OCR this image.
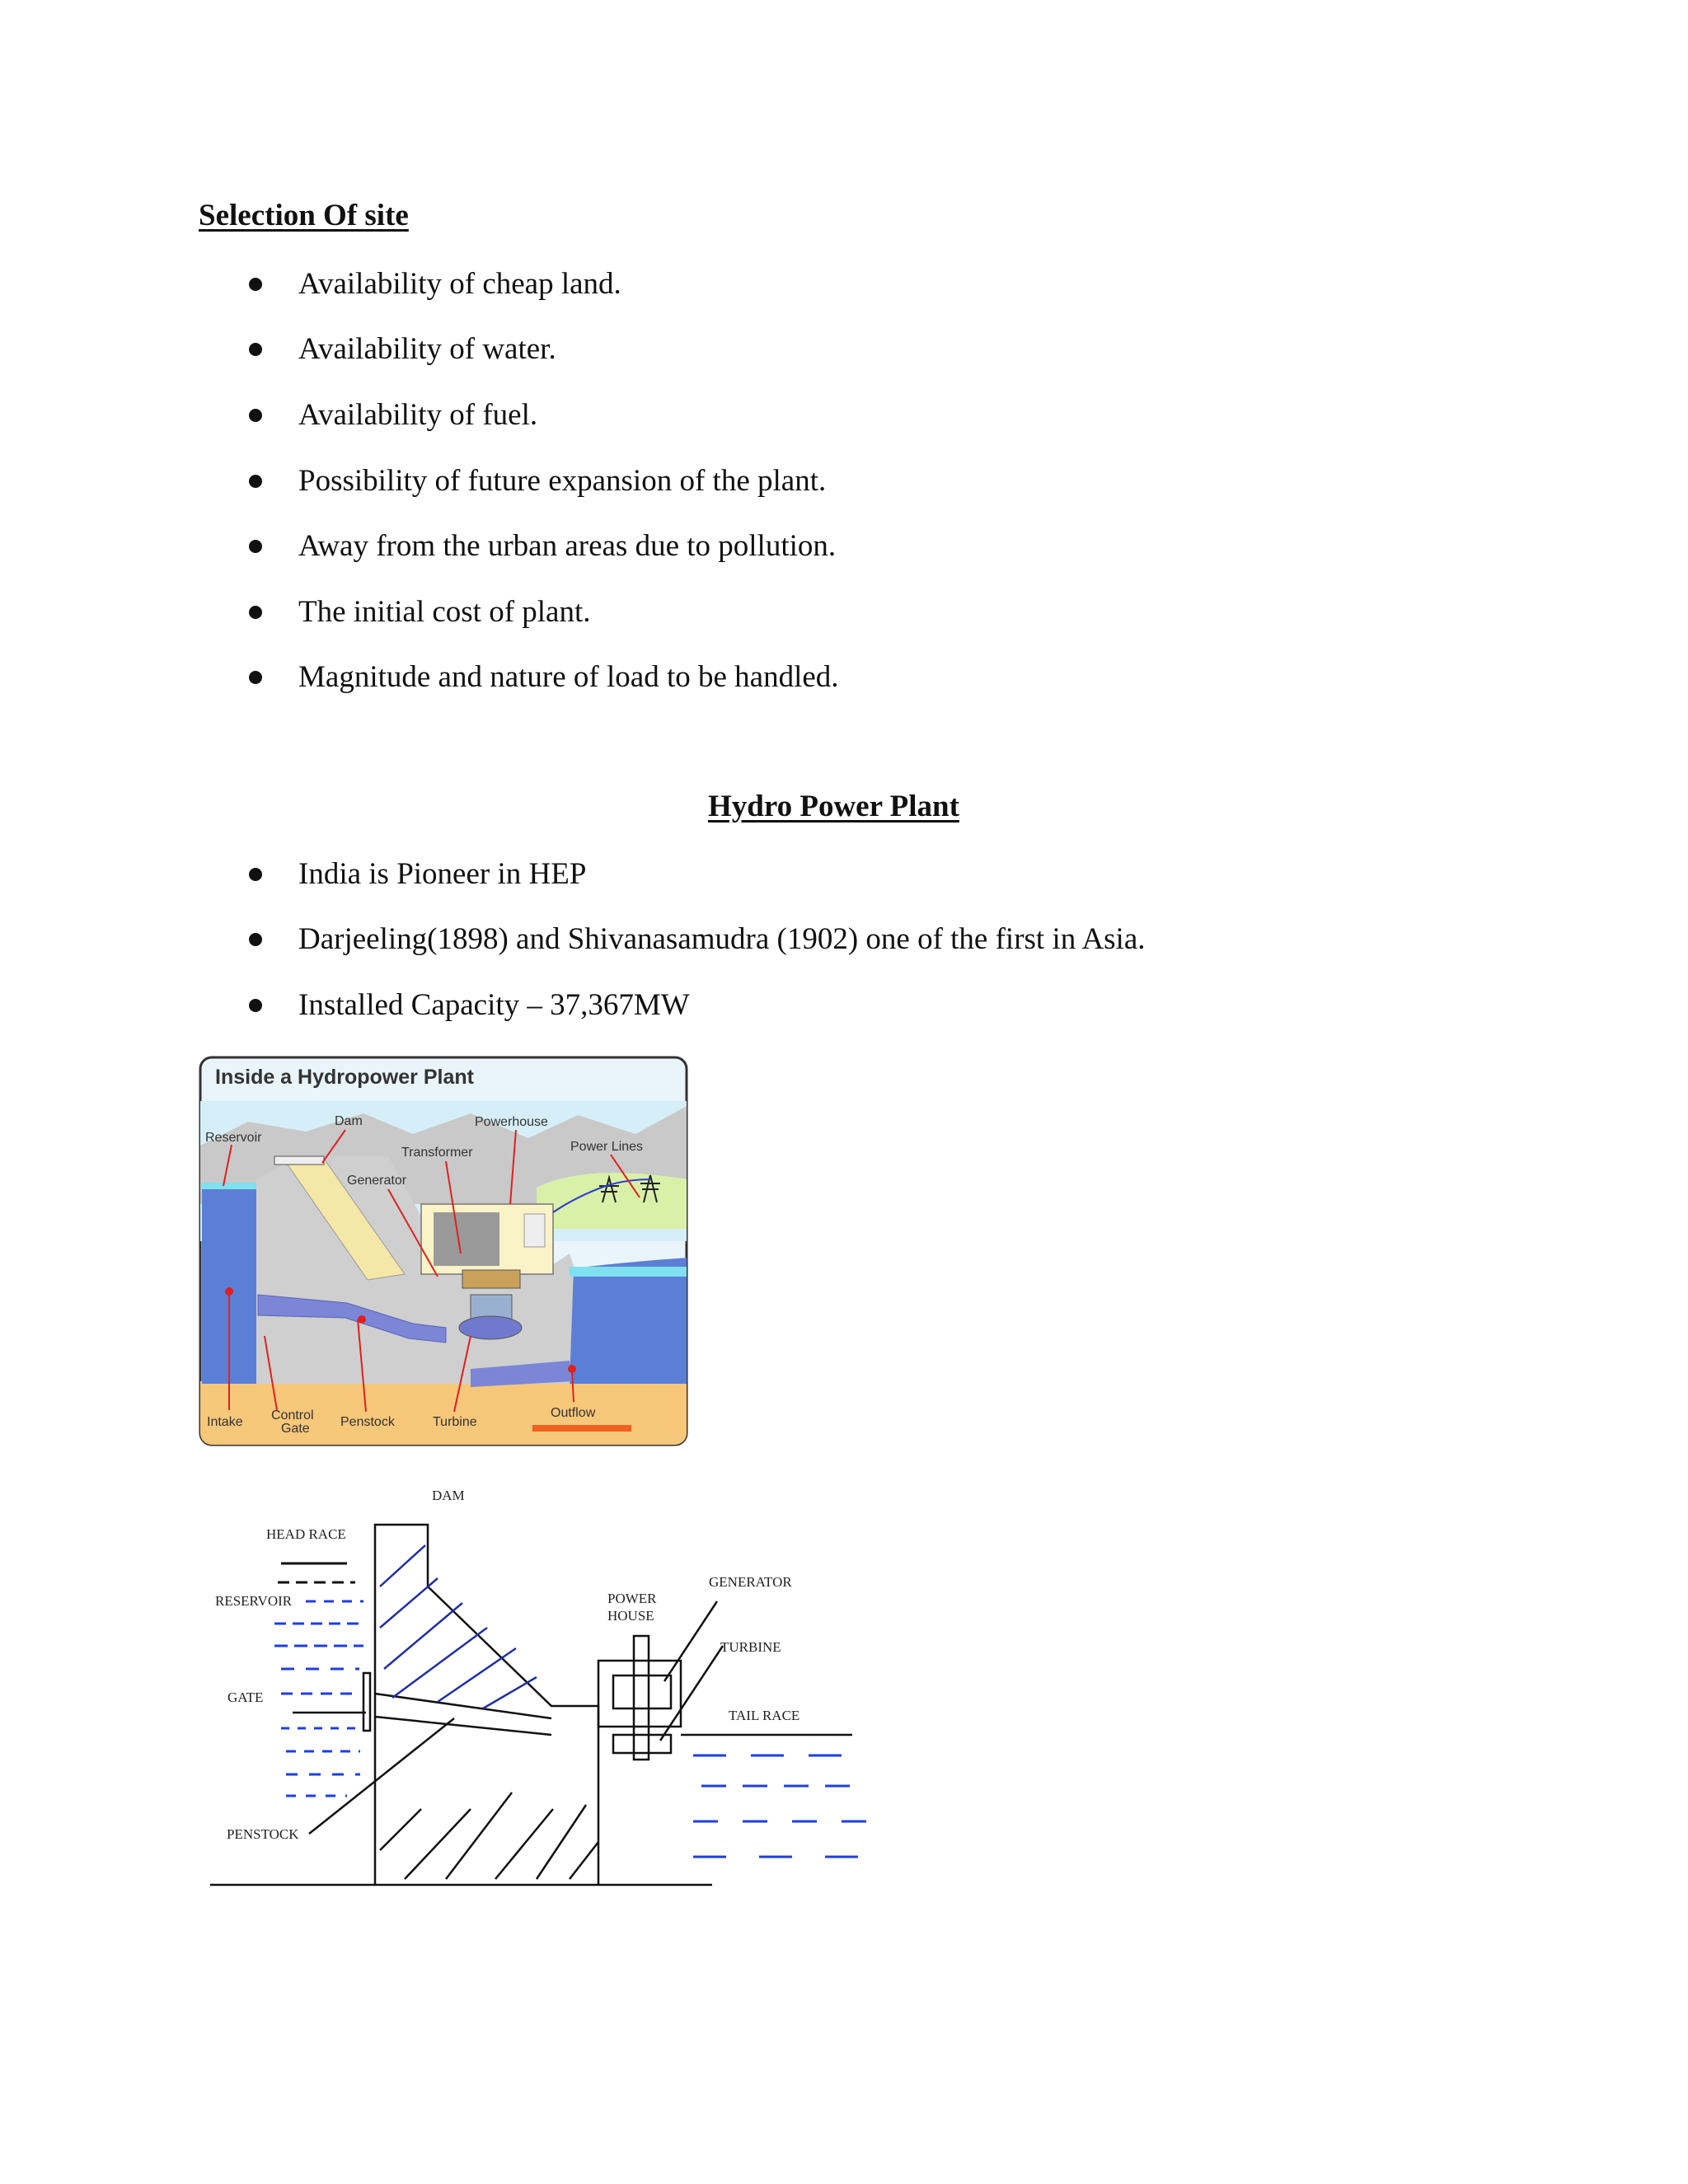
Selection Of site
Availability of cheap land.
Availability of water.
Availability of fuel.
Possibility of future expansion of the plant.
Away from the urban areas due to pollution.
The initial cost of plant.
Magnitude and nature of load to be handled.
Hydro Power Plant
India is Pioneer in HEP
Darjeeling(1898) and Shivanasamudra (1902) one of the first in Asia.
Installed Capacity – 37,367MW
Inside a Hydropower Plant
Reservoir
Dam	Powerhouse
Transformer	Power Lines
Generator
Intake Control
Gate Penstock	Turbine
Outflow
DAM
HEAD RACE
RESERVOIR
GATE
PENSTOCK
POWER
HOUSE
GENERATOR
TURBINE
TAIL RACE
